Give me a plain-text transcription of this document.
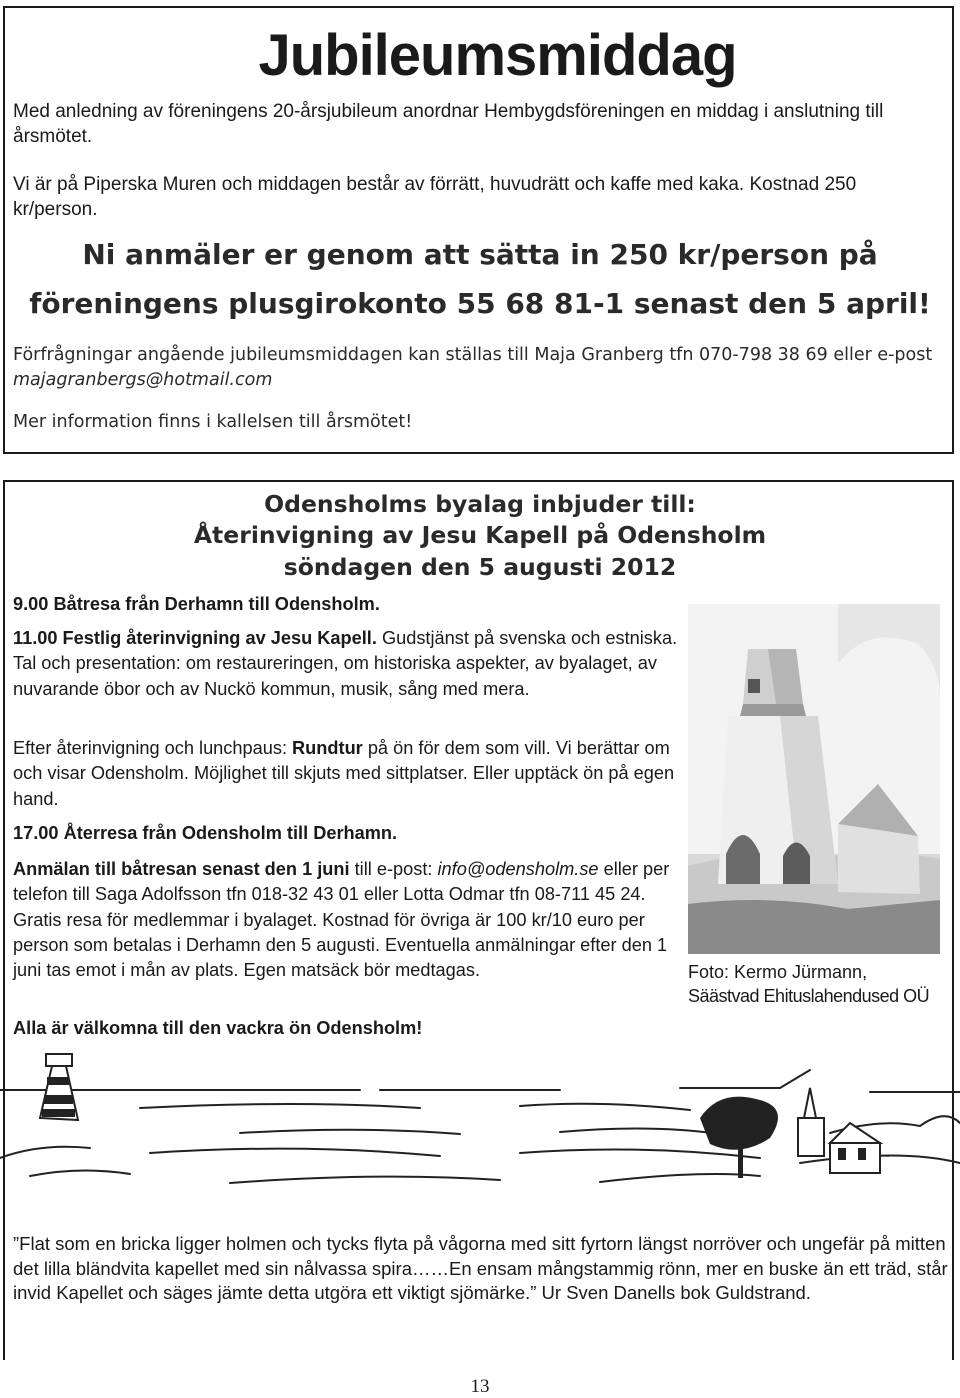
Jubileumsmiddag

Med anledning av föreningens 20-årsjubileum anordnar Hembygdsföreningen en middag i anslutning till årsmötet.

Vi är på Piperska Muren och middagen består av förrätt, huvudrätt och kaffe med kaka. Kostnad 250 kr/person.

Ni anmäler er genom att sätta in 250 kr/person på

föreningens plusgirokonto 55 68 81-1 senast den 5 april!

Förfrågningar angående jubileumsmiddagen kan ställas till Maja Granberg tfn 070-798 38 69 eller e-post majagranbergs@hotmail.com

Mer information finns i kallelsen till årsmötet!

Odensholms byalag inbjuder till:

Återinvigning av Jesu Kapell på Odensholm

söndagen den 5 augusti 2012

9.00 Båtresa från Derhamn till Odensholm.

11.00 Festlig återinvigning av Jesu Kapell. Gudstjänst på svenska och estniska. Tal och presentation: om restaureringen, om historiska aspekter, av byalaget, av nuvarande öbor och av Nuckö kommun, musik, sång med mera.

Efter återinvigning och lunchpaus: Rundtur på ön för dem som vill. Vi berättar om och visar Odensholm. Möjlighet till skjuts med sittplatser. Eller upptäck ön på egen hand.

17.00 Återresa från Odensholm till Derhamn.

Anmälan till båtresan senast den 1 juni till e-post: info@odensholm.se eller per telefon till Saga Adolfsson tfn 018-32 43 01 eller Lotta Odmar tfn 08-711 45 24. Gratis resa för medlemmar i byalaget. Kostnad för övriga är 100 kr/10 euro per person som betalas i Derhamn den 5 augusti. Eventuella anmälningar efter den 1 juni tas emot i mån av plats. Egen matsäck bör medtagas.

Alla är välkomna till den vackra ön Odensholm!

Foto: Kermo Jürmann,
Säästvad Ehituslahendused OÜ

”Flat som en bricka ligger holmen och tycks flyta på vågorna med sitt fyrtorn längst norröver och ungefär på mitten det lilla bländvita kapellet med sin nålvassa spira……En ensam mångstammig rönn, mer en buske än ett träd, står invid Kapellet och säges jämte detta utgöra ett viktigt sjömärke.” Ur Sven Danells bok Guldstrand.

13
